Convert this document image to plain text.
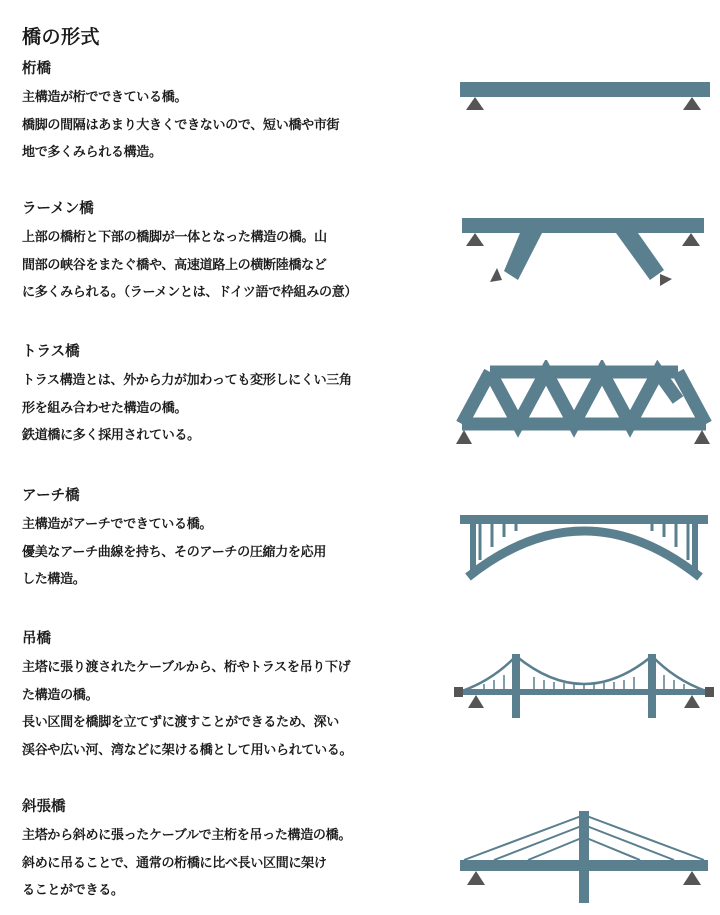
橋の形式
桁橋

主構造が桁でできている橋。

橋脚の間隔はあまり大きくできないので、短い橋や市街

地で多くみられる構造。

ラーメン橋

上部の橋桁と下部の橋脚が一体となった構造の橋。山

間部の峡谷をまたぐ橋や、高速道路上の横断陸橋など

に多くみられる。（ラーメンとは、ドイツ語で枠組みの意）

トラス橋

トラス構造とは、外から力が加わっても変形しにくい三角

形を組み合わせた構造の橋。

鉄道橋に多く採用されている。

アーチ橋

主構造がアーチでできている橋。

優美なアーチ曲線を持ち、そのアーチの圧縮力を応用

した構造。

吊橋

主塔に張り渡されたケーブルから、桁やトラスを吊り下げ

た構造の橋。

長い区間を橋脚を立てずに渡すことができるため、深い

渓谷や広い河、湾などに架ける橋として用いられている。

斜張橋

主塔から斜めに張ったケーブルで主桁を吊った構造の橋。

斜めに吊ることで、通常の桁橋に比べ長い区間に架け

ることができる。
